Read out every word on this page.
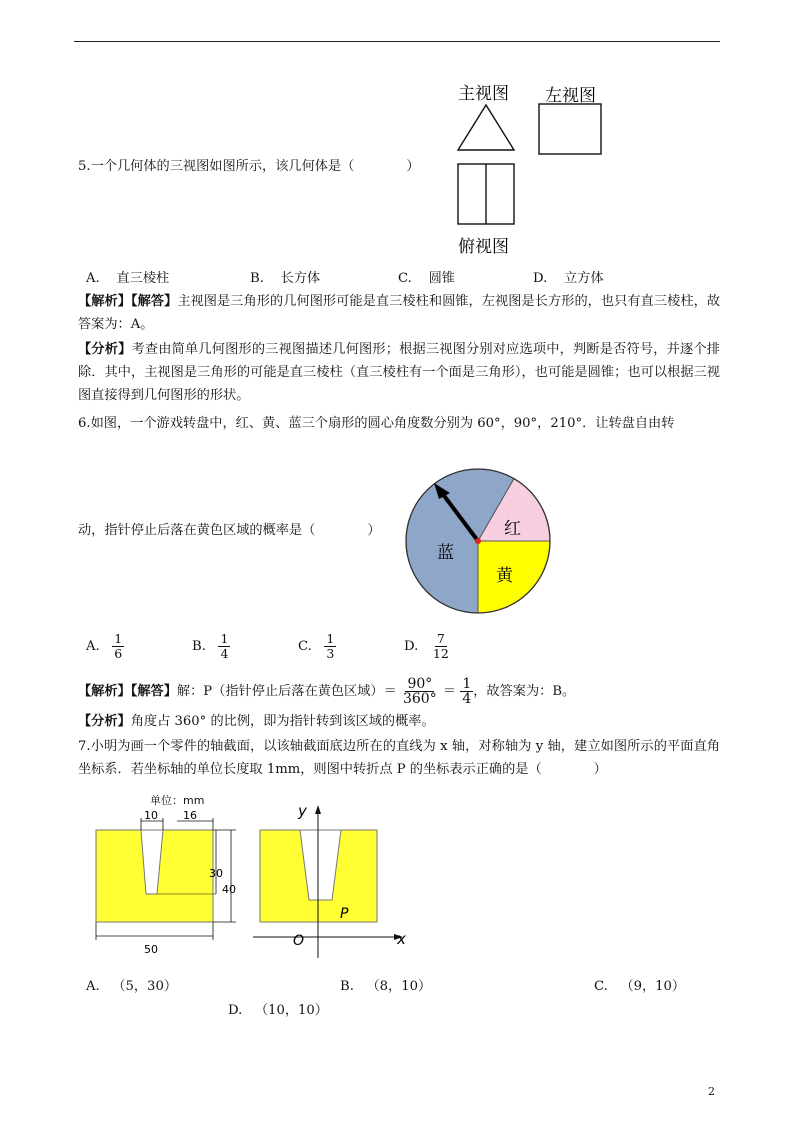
5.一个几何体的三视图如图所示，该几何体是（	）
主视图 左视图
俯视图
A. 直三棱柱	B. 长方体	C. 圆锥	D. 立方体
【解析】【解答】主视图是三角形的几何图形可能是直三棱柱和圆锥，左视图是长方形的，也只有直三棱柱，故答案为：A。
【分析】考查由简单几何图形的三视图描述几何图形；根据三视图分别对应选项中，判断是否符号，并逐个排除．其中，主视图是三角形的可能是直三棱柱（直三棱柱有一个面是三角形），也可能是圆锥；也可以根据三视图直接得到几何图形的形状。
6.如图，一个游戏转盘中，红、黄、蓝三个扇形的圆心角度数分别为 60°，90°，210°．让转盘自由转
动，指针停止后落在黄色区域的概率是（	）	红
黄
蓝
A. $\frac{1}{6}$	B. $\frac{1}{4}$	C. $\frac{1}{3}$	D. $\frac{7}{12}$
【解析】【解答】解：P（指针停止后落在黄色区域）＝ $\frac{90^\circ}{360^\circ} = \frac{1}{4}$ ，故答案为：B。
【分析】角度占 360° 的比例，即为指针转到该区域的概率。
7.小明为画一个零件的轴截面，以该轴截面底边所在的直线为 x 轴，对称轴为 y 轴，建立如图所示的平面直角坐标系．若坐标轴的单位长度取 1mm，则图中转折点 P 的坐标表示正确的是（	）
单位：mm
10 16
30
40
50
y
x
O
P
A. （5，30）	B. （8，10）	C. （9，10）
D. （10，10）
2
